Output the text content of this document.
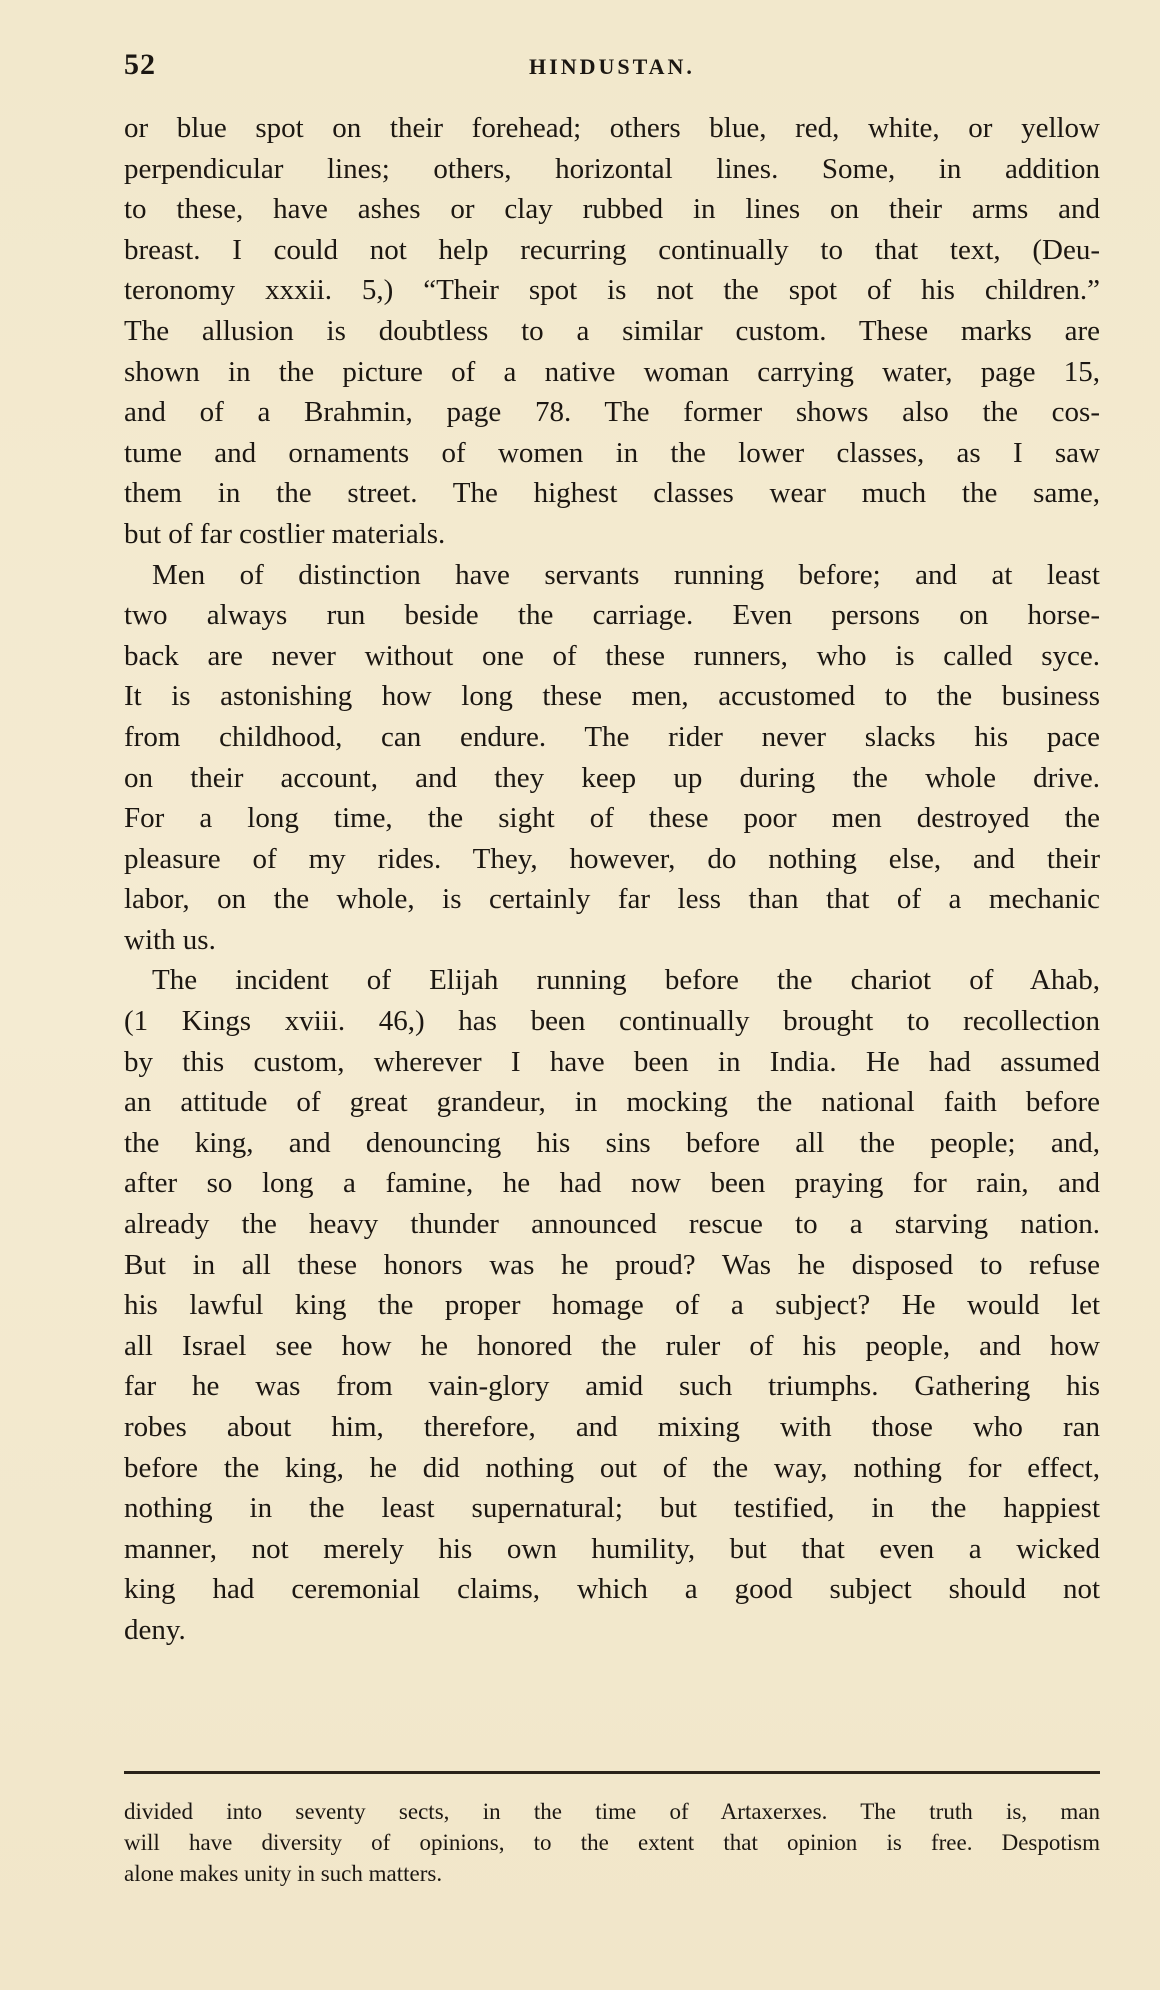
52	HINDUSTAN.
or blue spot on their forehead; others blue, red, white, or yellow
perpendicular lines; others, horizontal lines. Some, in addition
to these, have ashes or clay rubbed in lines on their arms and
breast. I could not help recurring continually to that text, (Deu-
teronomy xxxii. 5,) “Their spot is not the spot of his children.”
The allusion is doubtless to a similar custom. These marks are
shown in the picture of a native woman carrying water, page 15,
and of a Brahmin, page 78. The former shows also the cos-
tume and ornaments of women in the lower classes, as I saw
them in the street. The highest classes wear much the same,
but of far costlier materials.
Men of distinction have servants running before; and at least
two always run beside the carriage. Even persons on horse-
back are never without one of these runners, who is called syce.
It is astonishing how long these men, accustomed to the business
from childhood, can endure. The rider never slacks his pace
on their account, and they keep up during the whole drive.
For a long time, the sight of these poor men destroyed the
pleasure of my rides. They, however, do nothing else, and their
labor, on the whole, is certainly far less than that of a mechanic
with us.
The incident of Elijah running before the chariot of Ahab,
(1 Kings xviii. 46,) has been continually brought to recollection
by this custom, wherever I have been in India. He had assumed
an attitude of great grandeur, in mocking the national faith before
the king, and denouncing his sins before all the people; and,
after so long a famine, he had now been praying for rain, and
already the heavy thunder announced rescue to a starving nation.
But in all these honors was he proud? Was he disposed to refuse
his lawful king the proper homage of a subject? He would let
all Israel see how he honored the ruler of his people, and how
far he was from vain-glory amid such triumphs. Gathering his
robes about him, therefore, and mixing with those who ran
before the king, he did nothing out of the way, nothing for effect,
nothing in the least supernatural; but testified, in the happiest
manner, not merely his own humility, but that even a wicked
king had ceremonial claims, which a good subject should not
deny.
divided into seventy sects, in the time of Artaxerxes. The truth is, man
will have diversity of opinions, to the extent that opinion is free. Despotism
alone makes unity in such matters.
